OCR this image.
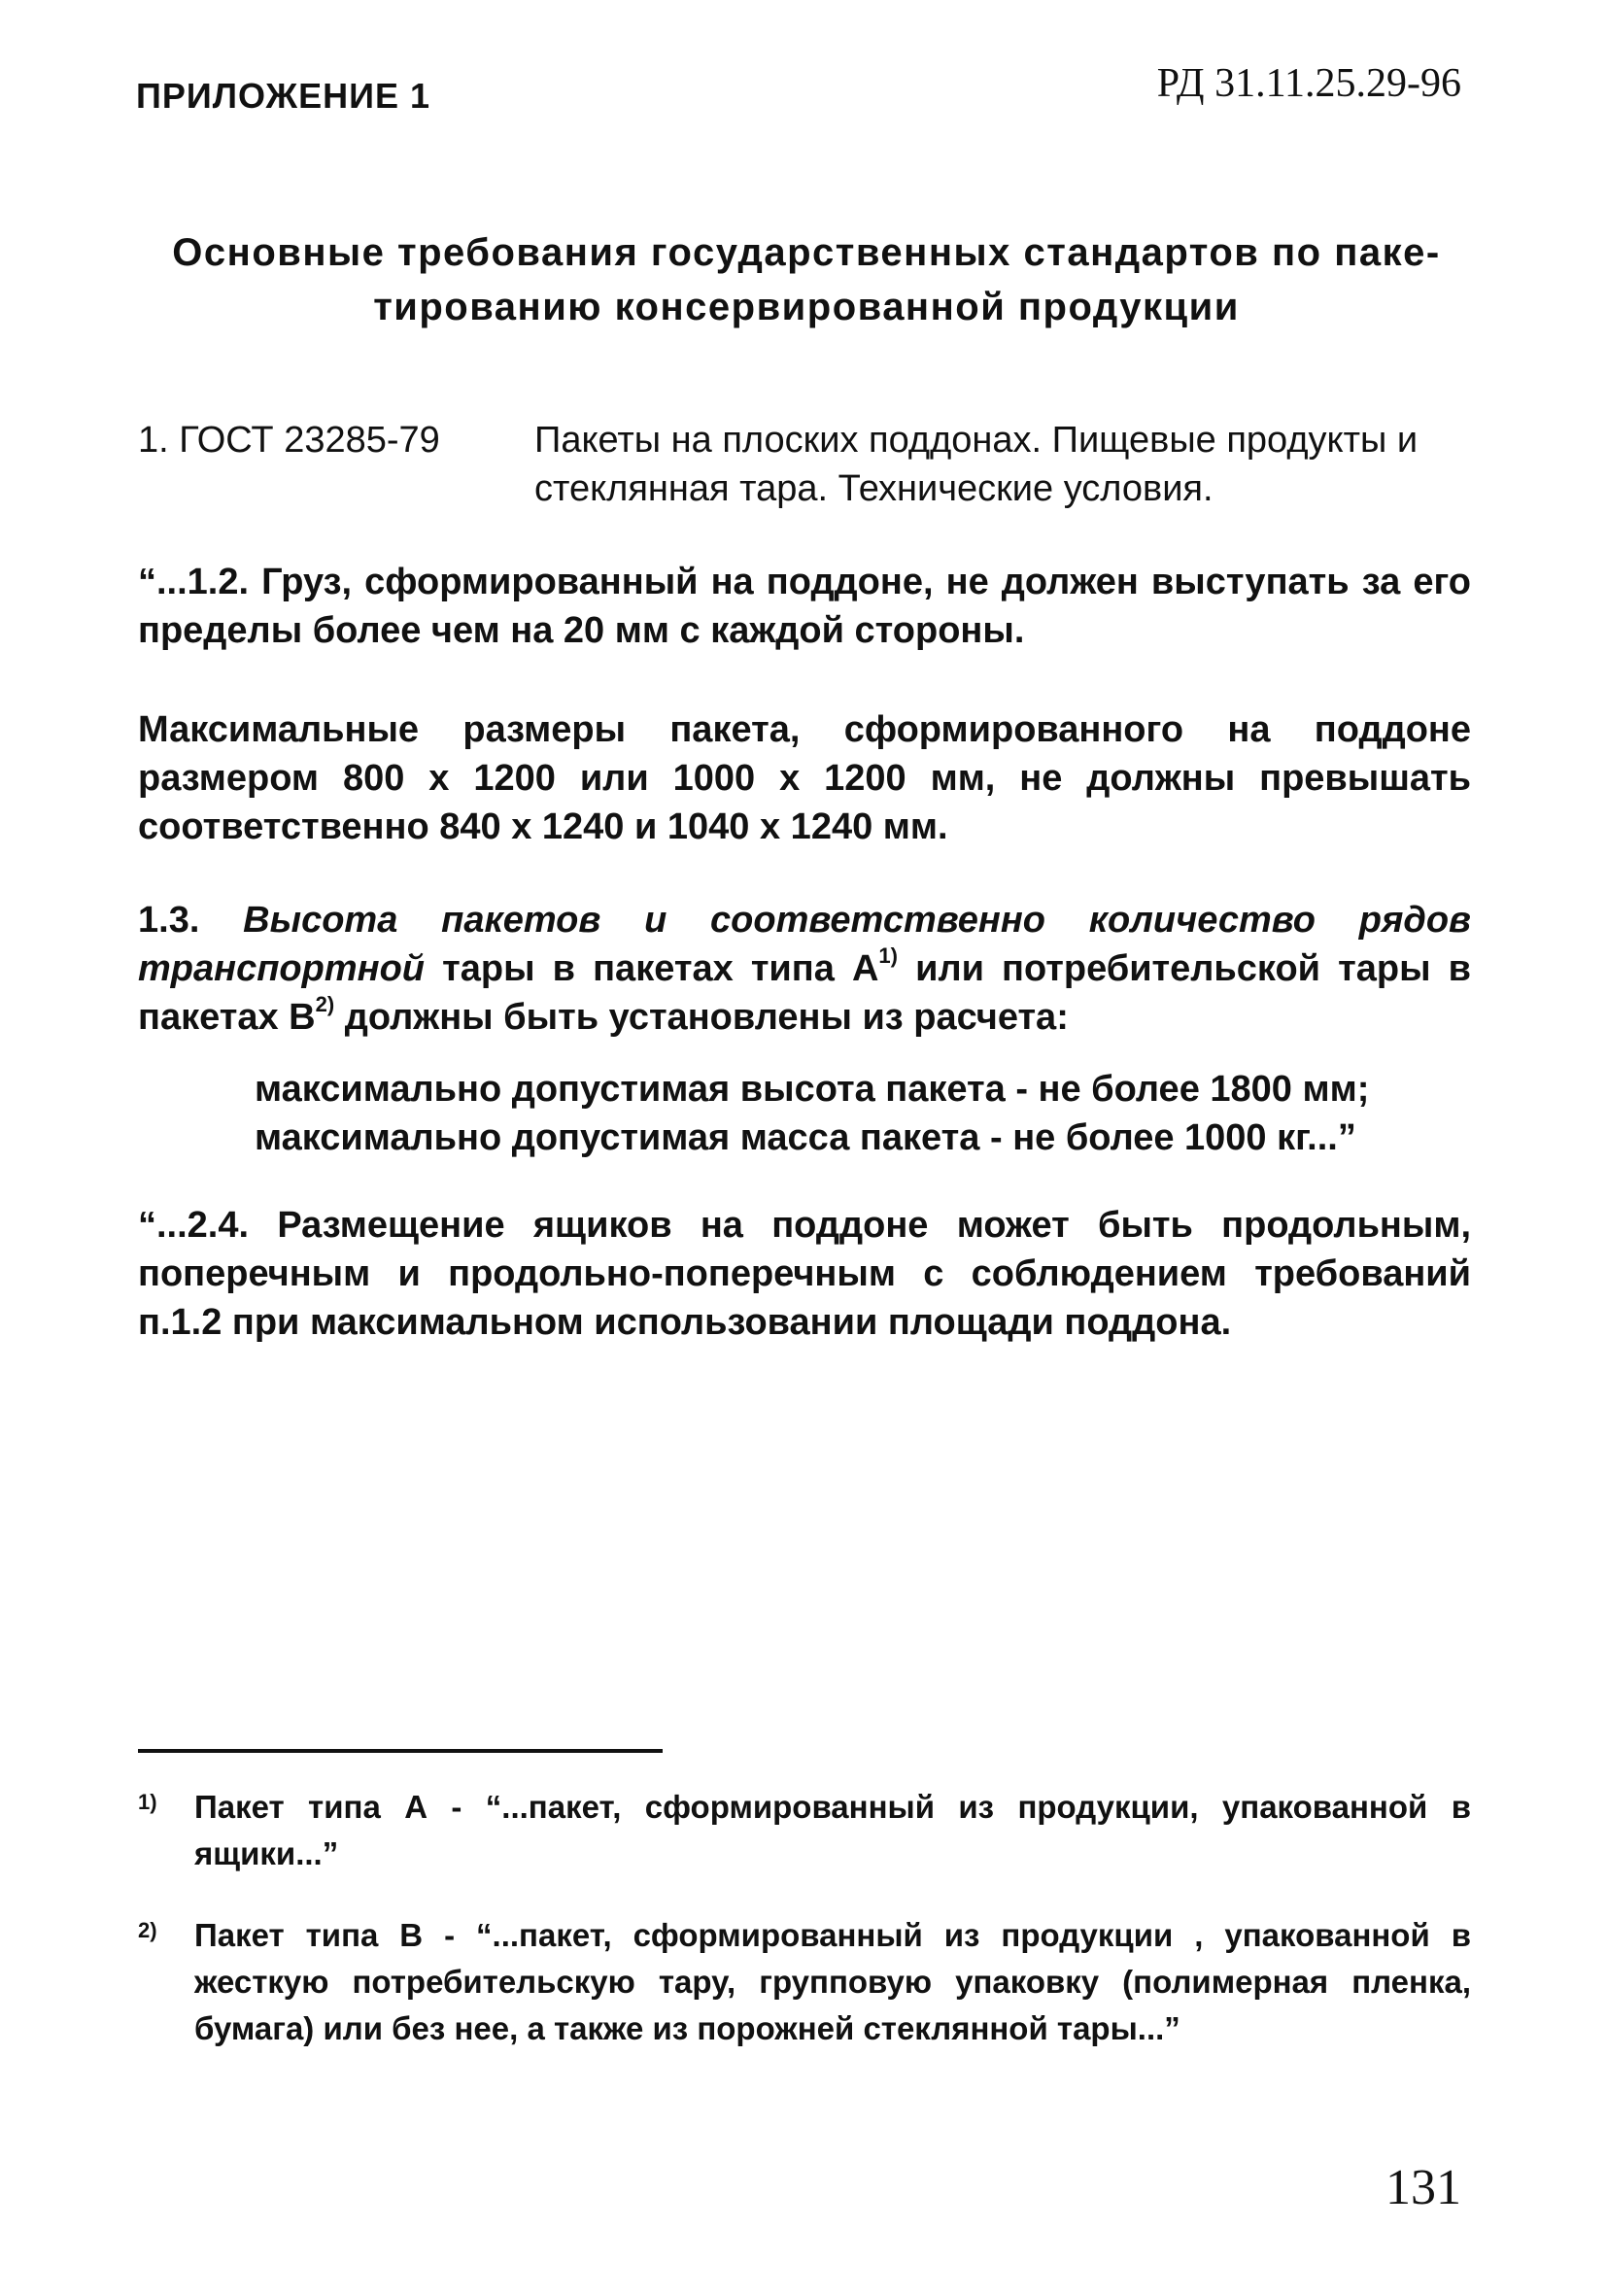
ПРИЛОЖЕНИЕ 1	РД 31.11.25.29-96
Основные требования государственных стандартов по паке-
тированию консервированной продукции
1. ГОСТ 23285-79	Пакеты на плоских поддонах. Пищевые продукты и
стеклянная тара. Технические условия.

“...1.2. Груз, сформированный на поддоне, не должен выступать за его пределы более чем на 20 мм с каждой стороны.

Максимальные размеры пакета, сформированного на поддоне размером 800 х 1200 или 1000 х 1200 мм, не должны превышать соответственно 840 х 1240 и 1040 х 1240 мм.

1.3. Высота пакетов и соответственно количество рядов транспортной тары в пакетах типа $А^{1)}$ или потребительской тары в пакетах $В^{2)}$ должны быть установлены из расчета:

максимально допустимая высота пакета - не более 1800 мм;
максимально допустимая масса пакета - не более 1000 кг...”

“...2.4. Размещение ящиков на поддоне может быть продольным, поперечным и продольно-поперечным с соблюдением требований п.1.2 при максимальном использовании площади поддона.

1)	Пакет типа А - “...пакет, сформированный из продукции, упакованной в ящики...”
2)	Пакет типа В - “...пакет, сформированный из продукции , упакованной в жесткую потребительскую тару, групповую упаковку (полимерная пленка, бумага) или без нее, а также из порожней стеклянной тары...”
131
